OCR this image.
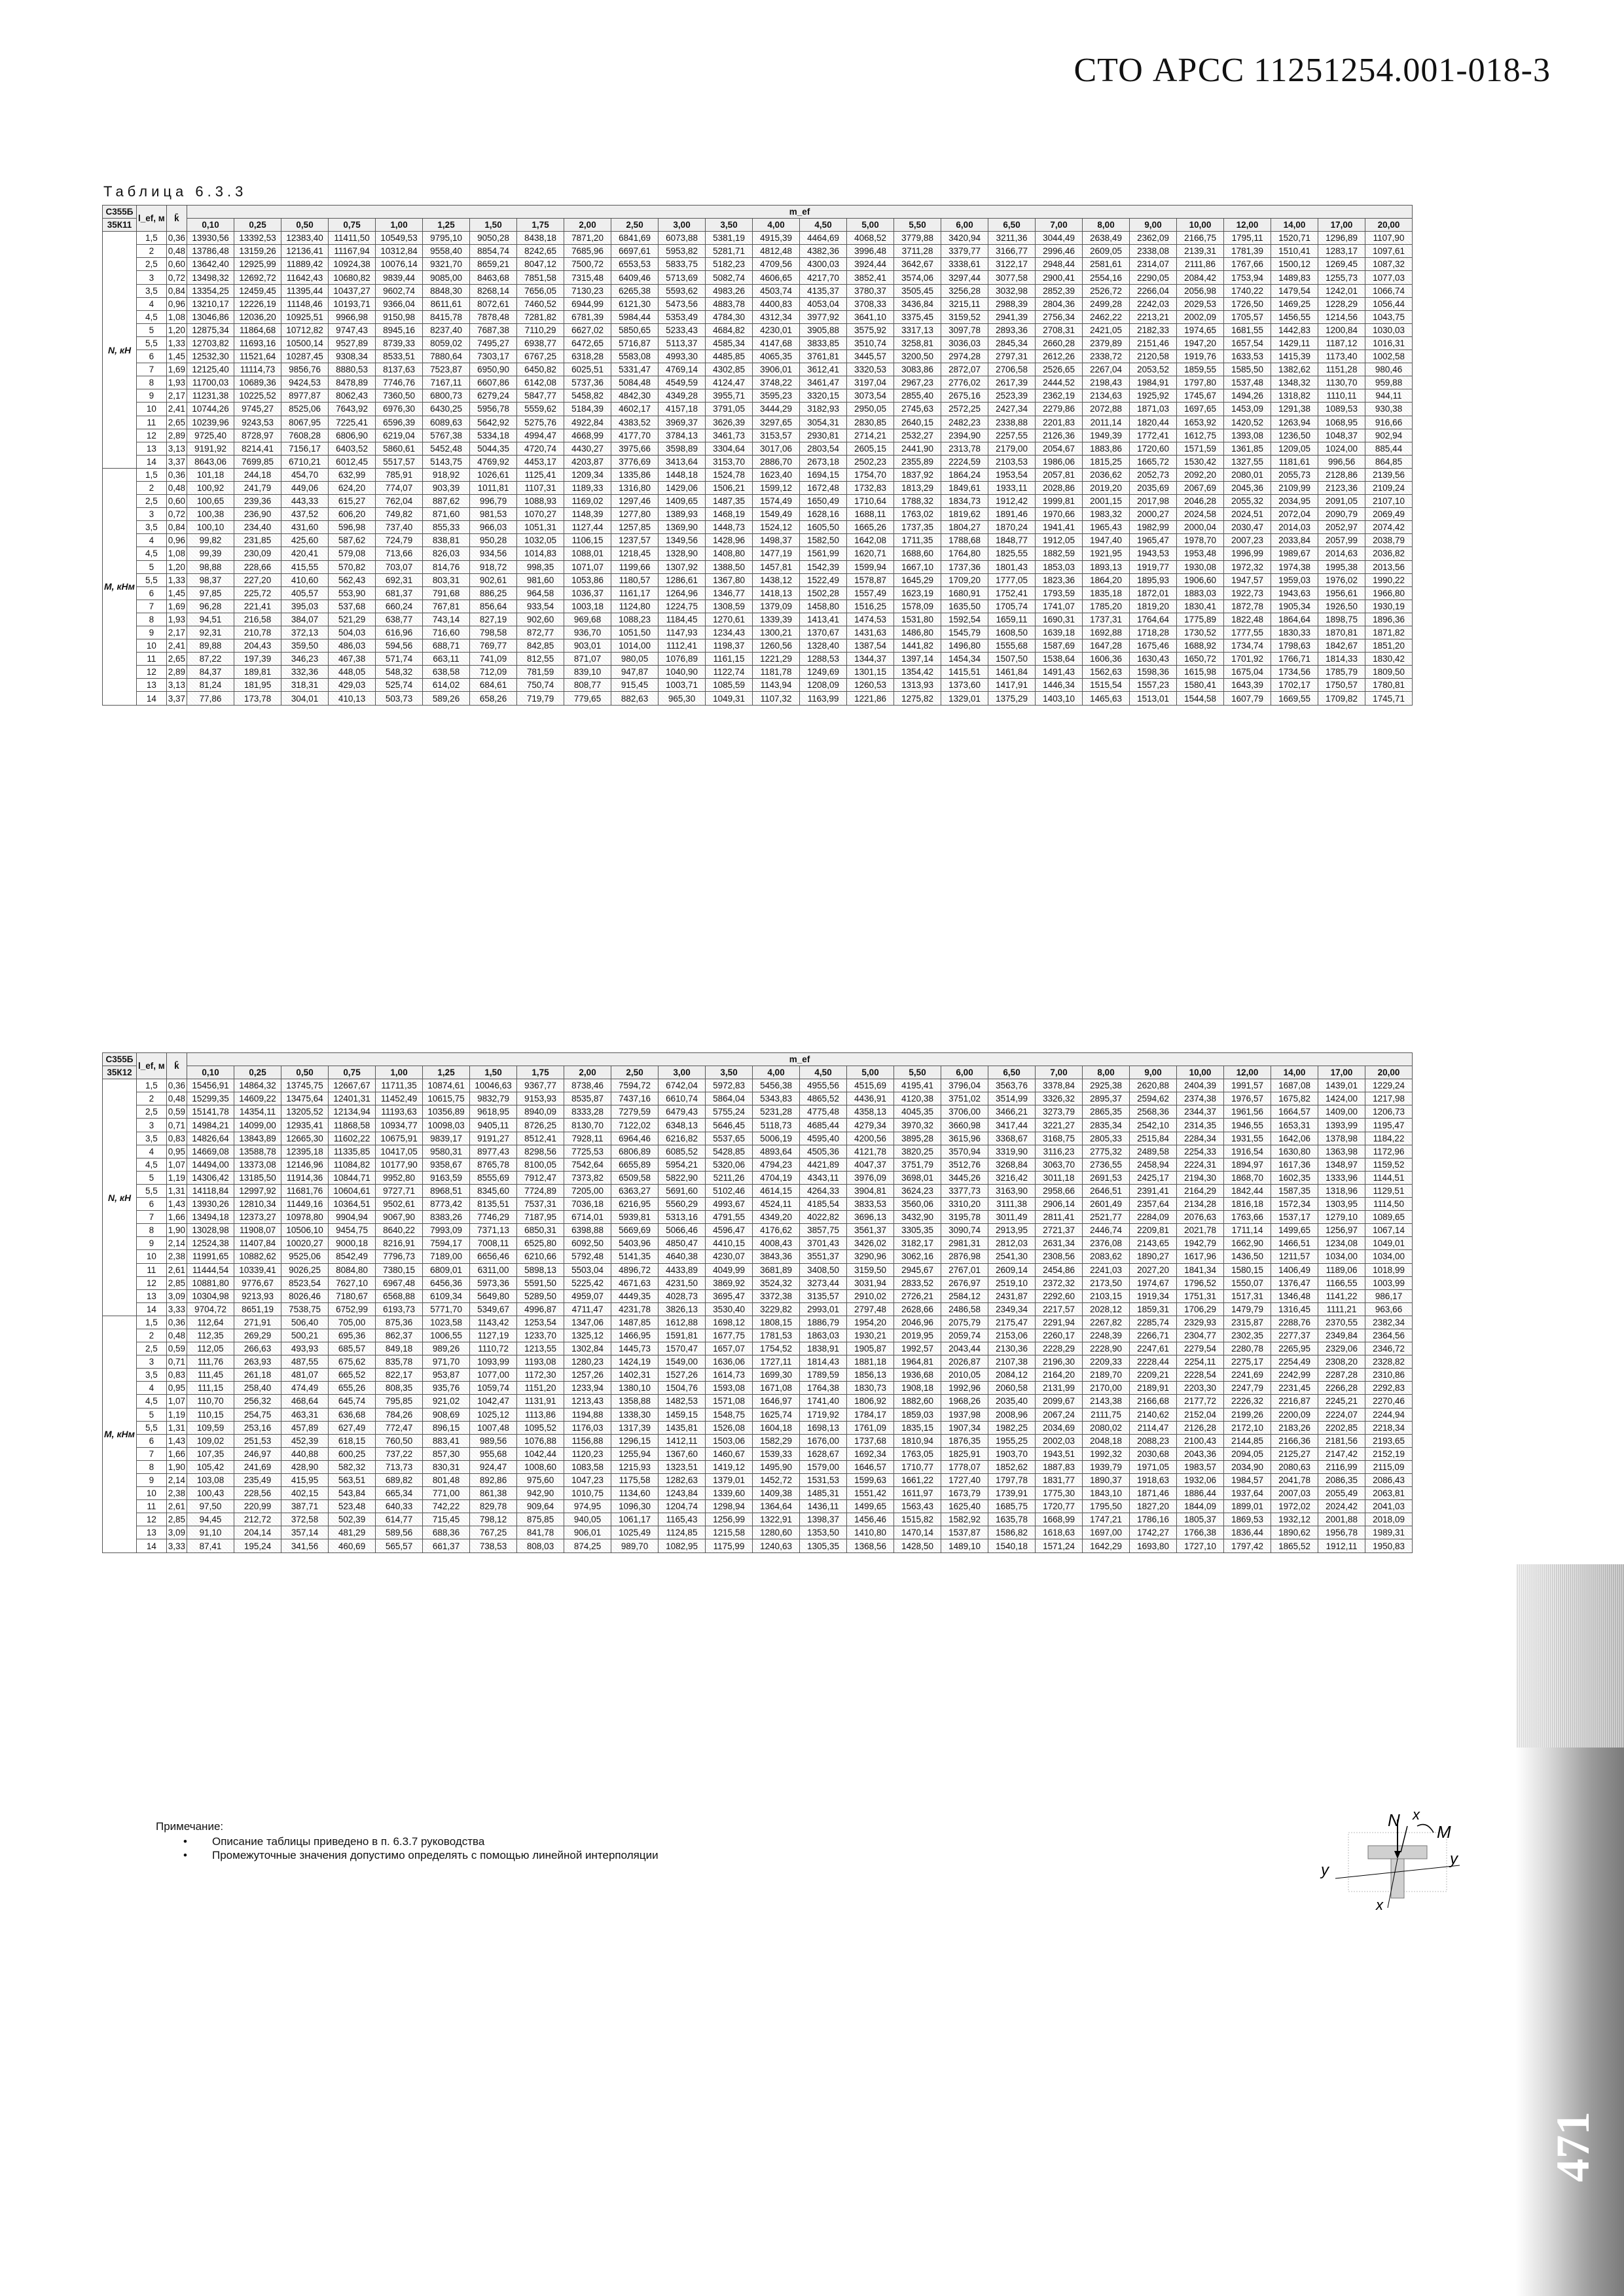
СТО АРСС 11251254.001-018-3
Таблица 6.3.3
С355Б	l_ef, м	k̄	m_ef																									
35К11			0,10	0,25	0,50	0,75	1,00	1,25	1,50	1,75	2,00	2,50	3,00	3,50	4,00	4,50	5,00	5,50	6,00	6,50	7,00	8,00	9,00	10,00	12,00	14,00	17,00	20,00
N, кН	1,5	0,36	13930,56	13392,53	12383,40	11411,50	10549,53	9795,10	9050,28	8438,18	7871,20	6841,69	6073,88	5381,19	4915,39	4464,69	4068,52	3779,88	3420,94	3211,36	3044,49	2638,49	2362,09	2166,75	1795,11	1520,71	1296,89	1107,90
	2	0,48	13786,48	13159,26	12136,41	11167,94	10312,84	9558,40	8854,74	8242,65	7685,96	6697,61	5953,82	5281,71	4812,48	4382,36	3996,48	3711,28	3379,77	3166,77	2996,46	2609,05	2338,08	2139,31	1781,39	1510,41	1283,17	1097,61
	2,5	0,60	13642,40	12925,99	11889,42	10924,38	10076,14	9321,70	8659,21	8047,12	7500,72	6553,53	5833,75	5182,23	4709,56	4300,03	3924,44	3642,67	3338,61	3122,17	2948,44	2581,61	2314,07	2111,86	1767,66	1500,12	1269,45	1087,32
	3	0,72	13498,32	12692,72	11642,43	10680,82	9839,44	9085,00	8463,68	7851,58	7315,48	6409,46	5713,69	5082,74	4606,65	4217,70	3852,41	3574,06	3297,44	3077,58	2900,41	2554,16	2290,05	2084,42	1753,94	1489,83	1255,73	1077,03
	3,5	0,84	13354,25	12459,45	11395,44	10437,27	9602,74	8848,30	8268,14	7656,05	7130,23	6265,38	5593,62	4983,26	4503,74	4135,37	3780,37	3505,45	3256,28	3032,98	2852,39	2526,72	2266,04	2056,98	1740,22	1479,54	1242,01	1066,74
	4	0,96	13210,17	12226,19	11148,46	10193,71	9366,04	8611,61	8072,61	7460,52	6944,99	6121,30	5473,56	4883,78	4400,83	4053,04	3708,33	3436,84	3215,11	2988,39	2804,36	2499,28	2242,03	2029,53	1726,50	1469,25	1228,29	1056,44
	4,5	1,08	13046,86	12036,20	10925,51	9966,98	9150,98	8415,78	7878,48	7281,82	6781,39	5984,44	5353,49	4784,30	4312,34	3977,92	3641,10	3375,45	3159,52	2941,39	2756,34	2462,22	2213,21	2002,09	1705,57	1456,55	1214,56	1043,75
	5	1,20	12875,34	11864,68	10712,82	9747,43	8945,16	8237,40	7687,38	7110,29	6627,02	5850,65	5233,43	4684,82	4230,01	3905,88	3575,92	3317,13	3097,78	2893,36	2708,31	2421,05	2182,33	1974,65	1681,55	1442,83	1200,84	1030,03
	5,5	1,33	12703,82	11693,16	10500,14	9527,89	8739,33	8059,02	7495,27	6938,77	6472,65	5716,87	5113,37	4585,34	4147,68	3833,85	3510,74	3258,81	3036,03	2845,34	2660,28	2379,89	2151,46	1947,20	1657,54	1429,11	1187,12	1016,31
	6	1,45	12532,30	11521,64	10287,45	9308,34	8533,51	7880,64	7303,17	6767,25	6318,28	5583,08	4993,30	4485,85	4065,35	3761,81	3445,57	3200,50	2974,28	2797,31	2612,26	2338,72	2120,58	1919,76	1633,53	1415,39	1173,40	1002,58
	7	1,69	12125,40	11114,73	9856,76	8880,53	8137,63	7523,87	6950,90	6450,82	6025,51	5331,47	4769,14	4302,85	3906,01	3612,41	3320,53	3083,86	2872,07	2706,58	2526,65	2267,04	2053,52	1859,55	1585,50	1382,62	1151,28	980,46
	8	1,93	11700,03	10689,36	9424,53	8478,89	7746,76	7167,11	6607,86	6142,08	5737,36	5084,48	4549,59	4124,47	3748,22	3461,47	3197,04	2967,23	2776,02	2617,39	2444,52	2198,43	1984,91	1797,80	1537,48	1348,32	1130,70	959,88
	9	2,17	11231,38	10225,52	8977,87	8062,43	7360,50	6800,73	6279,24	5847,77	5458,82	4842,30	4349,28	3955,71	3595,23	3320,15	3073,54	2855,40	2675,16	2523,39	2362,19	2134,63	1925,92	1745,67	1494,26	1318,82	1110,11	944,11
	10	2,41	10744,26	9745,27	8525,06	7643,92	6976,30	6430,25	5956,78	5559,62	5184,39	4602,17	4157,18	3791,05	3444,29	3182,93	2950,05	2745,63	2572,25	2427,34	2279,86	2072,88	1871,03	1697,65	1453,09	1291,38	1089,53	930,38
	11	2,65	10239,96	9243,53	8067,95	7225,41	6596,39	6089,63	5642,92	5275,76	4922,84	4383,52	3969,37	3626,39	3297,65	3054,31	2830,85	2640,15	2482,23	2338,88	2201,83	2011,14	1820,44	1653,92	1420,52	1263,94	1068,95	916,66
	12	2,89	9725,40	8728,97	7608,28	6806,90	6219,04	5767,38	5334,18	4994,47	4668,99	4177,70	3784,13	3461,73	3153,57	2930,81	2714,21	2532,27	2394,90	2257,55	2126,36	1949,39	1772,41	1612,75	1393,08	1236,50	1048,37	902,94
	13	3,13	9191,92	8214,41	7156,17	6403,52	5860,61	5452,48	5044,35	4720,74	4430,27	3975,66	3598,89	3304,64	3017,06	2803,54	2605,15	2441,90	2313,78	2179,00	2054,67	1883,86	1720,60	1571,59	1361,85	1209,05	1024,00	885,44
	14	3,37	8643,06	7699,85	6710,21	6012,45	5517,57	5143,75	4769,92	4453,17	4203,87	3776,69	3413,64	3153,70	2886,70	2673,18	2502,23	2355,89	2224,59	2103,53	1986,06	1815,25	1665,72	1530,42	1327,55	1181,61	996,56	864,85
M, кНм	1,5	0,36	101,18	244,18	454,70	632,99	785,91	918,92	1026,61	1125,41	1209,34	1335,86	1448,18	1524,78	1623,40	1694,15	1754,70	1837,92	1864,24	1953,54	2057,81	2036,62	2052,73	2092,20	2080,01	2055,73	2128,86	2139,56
	2	0,48	100,92	241,79	449,06	624,20	774,07	903,39	1011,81	1107,31	1189,33	1316,80	1429,06	1506,21	1599,12	1672,48	1732,83	1813,29	1849,61	1933,11	2028,86	2019,20	2035,69	2067,69	2045,36	2109,99	2123,36	2109,24
	2,5	0,60	100,65	239,36	443,33	615,27	762,04	887,62	996,79	1088,93	1169,02	1297,46	1409,65	1487,35	1574,49	1650,49	1710,64	1788,32	1834,73	1912,42	1999,81	2001,15	2017,98	2046,28	2055,32	2034,95	2091,05	2107,10
	3	0,72	100,38	236,90	437,52	606,20	749,82	871,60	981,53	1070,27	1148,39	1277,80	1389,93	1468,19	1549,49	1628,16	1688,11	1763,02	1819,62	1891,46	1970,66	1983,32	2000,27	2024,58	2024,51	2072,04	2090,79	2069,49
	3,5	0,84	100,10	234,40	431,60	596,98	737,40	855,33	966,03	1051,31	1127,44	1257,85	1369,90	1448,73	1524,12	1605,50	1665,26	1737,35	1804,27	1870,24	1941,41	1965,43	1982,99	2000,04	2030,47	2014,03	2052,97	2074,42
	4	0,96	99,82	231,85	425,60	587,62	724,79	838,81	950,28	1032,05	1106,15	1237,57	1349,56	1428,96	1498,37	1582,50	1642,08	1711,35	1788,68	1848,77	1912,05	1947,40	1965,47	1978,70	2007,23	2033,84	2057,99	2038,79
	4,5	1,08	99,39	230,09	420,41	579,08	713,66	826,03	934,56	1014,83	1088,01	1218,45	1328,90	1408,80	1477,19	1561,99	1620,71	1688,60	1764,80	1825,55	1882,59	1921,95	1943,53	1953,48	1996,99	1989,67	2014,63	2036,82
	5	1,20	98,88	228,66	415,55	570,82	703,07	814,76	918,72	998,35	1071,07	1199,66	1307,92	1388,50	1457,81	1542,39	1599,94	1667,10	1737,36	1801,43	1853,03	1893,13	1919,77	1930,08	1972,32	1974,38	1995,38	2013,56
	5,5	1,33	98,37	227,20	410,60	562,43	692,31	803,31	902,61	981,60	1053,86	1180,57	1286,61	1367,80	1438,12	1522,49	1578,87	1645,29	1709,20	1777,05	1823,36	1864,20	1895,93	1906,60	1947,57	1959,03	1976,02	1990,22
	6	1,45	97,85	225,72	405,57	553,90	681,37	791,68	886,25	964,58	1036,37	1161,17	1264,96	1346,77	1418,13	1502,28	1557,49	1623,19	1680,91	1752,41	1793,59	1835,18	1872,01	1883,03	1922,73	1943,63	1956,61	1966,80
	7	1,69	96,28	221,41	395,03	537,68	660,24	767,81	856,64	933,54	1003,18	1124,80	1224,75	1308,59	1379,09	1458,80	1516,25	1578,09	1635,50	1705,74	1741,07	1785,20	1819,20	1830,41	1872,78	1905,34	1926,50	1930,19
	8	1,93	94,51	216,58	384,07	521,29	638,77	743,14	827,19	902,60	969,68	1088,23	1184,45	1270,61	1339,39	1413,41	1474,53	1531,80	1592,54	1659,11	1690,31	1737,31	1764,64	1775,89	1822,48	1864,64	1898,75	1896,36
	9	2,17	92,31	210,78	372,13	504,03	616,96	716,60	798,58	872,77	936,70	1051,50	1147,93	1234,43	1300,21	1370,67	1431,63	1486,80	1545,79	1608,50	1639,18	1692,88	1718,28	1730,52	1777,55	1830,33	1870,81	1871,82
	10	2,41	89,88	204,43	359,50	486,03	594,56	688,71	769,77	842,85	903,01	1014,00	1112,41	1198,37	1260,56	1328,40	1387,54	1441,82	1496,80	1555,68	1587,69	1647,28	1675,46	1688,92	1734,74	1798,63	1842,67	1851,20
	11	2,65	87,22	197,39	346,23	467,38	571,74	663,11	741,09	812,55	871,07	980,05	1076,89	1161,15	1221,29	1288,53	1344,37	1397,14	1454,34	1507,50	1538,64	1606,36	1630,43	1650,72	1701,92	1766,71	1814,33	1830,42
	12	2,89	84,37	189,81	332,36	448,05	548,32	638,58	712,09	781,59	839,10	947,87	1040,90	1122,74	1181,78	1249,69	1301,15	1354,42	1415,51	1461,84	1491,43	1562,63	1598,36	1615,98	1675,04	1734,56	1785,79	1809,50
	13	3,13	81,24	181,95	318,31	429,03	525,74	614,02	684,61	750,74	808,77	915,45	1003,71	1085,59	1143,94	1208,09	1260,53	1313,93	1373,60	1417,91	1446,34	1515,54	1557,23	1580,41	1643,39	1702,17	1750,57	1780,81
	14	3,37	77,86	173,78	304,01	410,13	503,73	589,26	658,26	719,79	779,65	882,63	965,30	1049,31	1107,32	1163,99	1221,86	1275,82	1329,01	1375,29	1403,10	1465,63	1513,01	1544,58	1607,79	1669,55	1709,82	1745,71
С355Б	l_ef, м	k̄	m_ef																									
35К12			0,10	0,25	0,50	0,75	1,00	1,25	1,50	1,75	2,00	2,50	3,00	3,50	4,00	4,50	5,00	5,50	6,00	6,50	7,00	8,00	9,00	10,00	12,00	14,00	17,00	20,00
N, кН	1,5	0,36	15456,91	14864,32	13745,75	12667,67	11711,35	10874,61	10046,63	9367,77	8738,46	7594,72	6742,04	5972,83	5456,38	4955,56	4515,69	4195,41	3796,04	3563,76	3378,84	2925,38	2620,88	2404,39	1991,57	1687,08	1439,01	1229,24
	2	0,48	15299,35	14609,22	13475,64	12401,31	11452,49	10615,75	9832,79	9153,93	8535,87	7437,16	6610,74	5864,04	5343,83	4865,52	4436,91	4120,38	3751,02	3514,99	3326,32	2895,37	2594,62	2374,38	1976,57	1675,82	1424,00	1217,98
	2,5	0,59	15141,78	14354,11	13205,52	12134,94	11193,63	10356,89	9618,95	8940,09	8333,28	7279,59	6479,43	5755,24	5231,28	4775,48	4358,13	4045,35	3706,00	3466,21	3273,79	2865,35	2568,36	2344,37	1961,56	1664,57	1409,00	1206,73
	3	0,71	14984,21	14099,00	12935,41	11868,58	10934,77	10098,03	9405,11	8726,25	8130,70	7122,02	6348,13	5646,45	5118,73	4685,44	4279,34	3970,32	3660,98	3417,44	3221,27	2835,34	2542,10	2314,35	1946,55	1653,31	1393,99	1195,47
	3,5	0,83	14826,64	13843,89	12665,30	11602,22	10675,91	9839,17	9191,27	8512,41	7928,11	6964,46	6216,82	5537,65	5006,19	4595,40	4200,56	3895,28	3615,96	3368,67	3168,75	2805,33	2515,84	2284,34	1931,55	1642,06	1378,98	1184,22
	4	0,95	14669,08	13588,78	12395,18	11335,85	10417,05	9580,31	8977,43	8298,56	7725,53	6806,89	6085,52	5428,85	4893,64	4505,36	4121,78	3820,25	3570,94	3319,90	3116,23	2775,32	2489,58	2254,33	1916,54	1630,80	1363,98	1172,96
	4,5	1,07	14494,00	13373,08	12146,96	11084,82	10177,90	9358,67	8765,78	8100,05	7542,64	6655,89	5954,21	5320,06	4794,23	4421,89	4047,37	3751,79	3512,76	3268,84	3063,70	2736,55	2458,94	2224,31	1894,97	1617,36	1348,97	1159,52
	5	1,19	14306,42	13185,50	11914,36	10844,71	9952,80	9163,59	8555,69	7912,47	7373,82	6509,58	5822,90	5211,26	4704,19	4343,11	3976,09	3698,01	3445,26	3216,42	3011,18	2691,53	2425,17	2194,30	1868,70	1602,35	1333,96	1144,51
	5,5	1,31	14118,84	12997,92	11681,76	10604,61	9727,71	8968,51	8345,60	7724,89	7205,00	6363,27	5691,60	5102,46	4614,15	4264,33	3904,81	3624,23	3377,73	3163,90	2958,66	2646,51	2391,41	2164,29	1842,44	1587,35	1318,96	1129,51
	6	1,43	13930,26	12810,34	11449,16	10364,51	9502,61	8773,42	8135,51	7537,31	7036,18	6216,95	5560,29	4993,67	4524,11	4185,54	3833,53	3560,06	3310,20	3111,38	2906,14	2601,49	2357,64	2134,28	1816,18	1572,34	1303,95	1114,50
	7	1,66	13494,18	12373,27	10978,80	9904,94	9067,90	8383,26	7746,29	7187,95	6714,01	5939,81	5313,16	4791,55	4349,20	4022,82	3696,13	3432,90	3195,78	3011,49	2811,41	2521,77	2284,09	2076,63	1763,66	1537,17	1279,10	1089,65
	8	1,90	13028,98	11908,07	10506,10	9454,75	8640,22	7993,09	7371,13	6850,31	6398,88	5669,69	5066,46	4596,47	4176,62	3857,75	3561,37	3305,35	3090,74	2913,95	2721,37	2446,74	2209,81	2021,78	1711,14	1499,65	1256,97	1067,14
	9	2,14	12524,38	11407,84	10020,27	9000,18	8216,91	7594,17	7008,11	6525,80	6092,50	5403,96	4850,47	4410,15	4008,43	3701,43	3426,02	3182,17	2981,31	2812,03	2631,34	2376,08	2143,65	1942,79	1662,90	1466,51	1234,08	1049,01
	10	2,38	11991,65	10882,62	9525,06	8542,49	7796,73	7189,00	6656,46	6210,66	5792,48	5141,35	4640,38	4230,07	3843,36	3551,37	3290,96	3062,16	2876,98	2541,30	2308,56	2083,62	1890,27	1617,96	1436,50	1211,57	1034,00	1034,00
	11	2,61	11444,54	10339,41	9026,25	8084,80	7380,15	6809,01	6311,00	5898,13	5503,04	4896,72	4433,89	4049,99	3681,89	3408,50	3159,50	2945,67	2767,01	2609,14	2454,86	2241,03	2027,20	1841,34	1580,15	1406,49	1189,06	1018,99
	12	2,85	10881,80	9776,67	8523,54	7627,10	6967,48	6456,36	5973,36	5591,50	5225,42	4671,63	4231,50	3869,92	3524,32	3273,44	3031,94	2833,52	2676,97	2519,10	2372,32	2173,50	1974,67	1796,52	1550,07	1376,47	1166,55	1003,99
	13	3,09	10304,98	9213,93	8026,46	7180,67	6568,88	6109,34	5649,80	5289,50	4959,07	4449,35	4028,73	3695,47	3372,38	3135,57	2910,02	2726,21	2584,12	2431,87	2292,60	2103,15	1919,34	1751,31	1517,31	1346,48	1141,22	986,17
	14	3,33	9704,72	8651,19	7538,75	6752,99	6193,73	5771,70	5349,67	4996,87	4711,47	4231,78	3826,13	3530,40	3229,82	2993,01	2797,48	2628,66	2486,58	2349,34	2217,57	2028,12	1859,31	1706,29	1479,79	1316,45	1111,21	963,66
M, кНм	1,5	0,36	112,64	271,91	506,40	705,00	875,36	1023,58	1143,42	1253,54	1347,06	1487,85	1612,88	1698,12	1808,15	1886,79	1954,20	2046,96	2075,79	2175,47	2291,94	2267,82	2285,74	2329,93	2315,87	2288,76	2370,55	2382,34
	2	0,48	112,35	269,29	500,21	695,36	862,37	1006,55	1127,19	1233,70	1325,12	1466,95	1591,81	1677,75	1781,53	1863,03	1930,21	2019,95	2059,74	2153,06	2260,17	2248,39	2266,71	2304,77	2302,35	2277,37	2349,84	2364,56
	2,5	0,59	112,05	266,63	493,93	685,57	849,18	989,26	1110,72	1213,55	1302,84	1445,73	1570,47	1657,07	1754,52	1838,91	1905,87	1992,57	2043,44	2130,36	2228,29	2228,90	2247,61	2279,54	2280,78	2265,95	2329,06	2346,72
	3	0,71	111,76	263,93	487,55	675,62	835,78	971,70	1093,99	1193,08	1280,23	1424,19	1549,00	1636,06	1727,11	1814,43	1881,18	1964,81	2026,87	2107,38	2196,30	2209,33	2228,44	2254,11	2275,17	2254,49	2308,20	2328,82
	3,5	0,83	111,45	261,18	481,07	665,52	822,17	953,87	1077,00	1172,30	1257,26	1402,31	1527,26	1614,73	1699,30	1789,59	1856,13	1936,68	2010,05	2084,12	2164,20	2189,70	2209,21	2228,54	2241,69	2242,99	2287,28	2310,86
	4	0,95	111,15	258,40	474,49	655,26	808,35	935,76	1059,74	1151,20	1233,94	1380,10	1504,76	1593,08	1671,08	1764,38	1830,73	1908,18	1992,96	2060,58	2131,99	2170,00	2189,91	2203,30	2247,79	2231,45	2266,28	2292,83
	4,5	1,07	110,70	256,32	468,64	645,74	795,85	921,02	1042,47	1131,91	1213,43	1358,88	1482,53	1571,08	1646,97	1741,40	1806,92	1882,60	1968,26	2035,40	2099,67	2143,38	2166,68	2177,72	2226,32	2216,87	2245,21	2270,46
	5	1,19	110,15	254,75	463,31	636,68	784,26	908,69	1025,12	1113,86	1194,88	1338,30	1459,15	1548,75	1625,74	1719,92	1784,17	1859,03	1937,98	2008,96	2067,24	2111,75	2140,62	2152,04	2199,26	2200,09	2224,07	2244,94
	5,5	1,31	109,59	253,16	457,89	627,49	772,47	896,15	1007,48	1095,52	1176,03	1317,39	1435,81	1526,08	1604,18	1698,13	1761,09	1835,15	1907,34	1982,25	2034,69	2080,02	2114,47	2126,28	2172,10	2183,26	2202,85	2218,34
	6	1,43	109,02	251,53	452,39	618,15	760,50	883,41	989,56	1076,88	1156,88	1296,15	1412,11	1503,06	1582,29	1676,00	1737,68	1810,94	1876,35	1955,25	2002,03	2048,18	2088,23	2100,43	2144,85	2166,36	2181,56	2193,65
	7	1,66	107,35	246,97	440,88	600,25	737,22	857,30	955,68	1042,44	1120,23	1255,94	1367,60	1460,67	1539,33	1628,67	1692,34	1763,05	1825,91	1903,70	1943,51	1992,32	2030,68	2043,36	2094,05	2125,27	2147,42	2152,19
	8	1,90	105,42	241,69	428,90	582,32	713,73	830,31	924,47	1008,60	1083,58	1215,93	1323,51	1419,12	1495,90	1579,00	1646,57	1710,77	1778,07	1852,62	1887,83	1939,79	1971,05	1983,57	2034,90	2080,63	2116,99	2115,09
	9	2,14	103,08	235,49	415,95	563,51	689,82	801,48	892,86	975,60	1047,23	1175,58	1282,63	1379,01	1452,72	1531,53	1599,63	1661,22	1727,40	1797,78	1831,77	1890,37	1918,63	1932,06	1984,57	2041,78	2086,35	2086,43
	10	2,38	100,43	228,56	402,15	543,84	665,34	771,00	861,38	942,90	1010,75	1134,60	1243,84	1339,60	1409,38	1485,31	1551,42	1611,97	1673,79	1739,91	1775,30	1843,10	1871,46	1886,44	1937,64	2007,03	2055,49	2063,81
	11	2,61	97,50	220,99	387,71	523,48	640,33	742,22	829,78	909,64	974,95	1096,30	1204,74	1298,94	1364,64	1436,11	1499,65	1563,43	1625,40	1685,75	1720,77	1795,50	1827,20	1844,09	1899,01	1972,02	2024,42	2041,03
	12	2,85	94,45	212,72	372,58	502,39	614,77	715,45	798,12	875,85	940,05	1061,17	1165,43	1256,99	1322,91	1398,37	1456,46	1515,82	1582,92	1635,78	1668,99	1747,21	1786,16	1805,37	1869,53	1932,12	2001,88	2018,09
	13	3,09	91,10	204,14	357,14	481,29	589,56	688,36	767,25	841,78	906,01	1025,49	1124,85	1215,58	1280,60	1353,50	1410,80	1470,14	1537,87	1586,82	1618,63	1697,00	1742,27	1766,38	1836,44	1890,62	1956,78	1989,31
	14	3,33	87,41	195,24	341,56	460,69	565,57	661,37	738,53	808,03	874,25	989,70	1082,95	1175,99	1240,63	1305,35	1368,56	1428,50	1489,10	1540,18	1571,24	1642,29	1693,80	1727,10	1797,42	1865,52	1912,11	1950,83
Примечание:
• Описание таблицы приведено в п. 6.3.7 руководства
• Промежуточные значения допустимо определять с помощью линейной интерполяции
N x
M
y
y
x
471
